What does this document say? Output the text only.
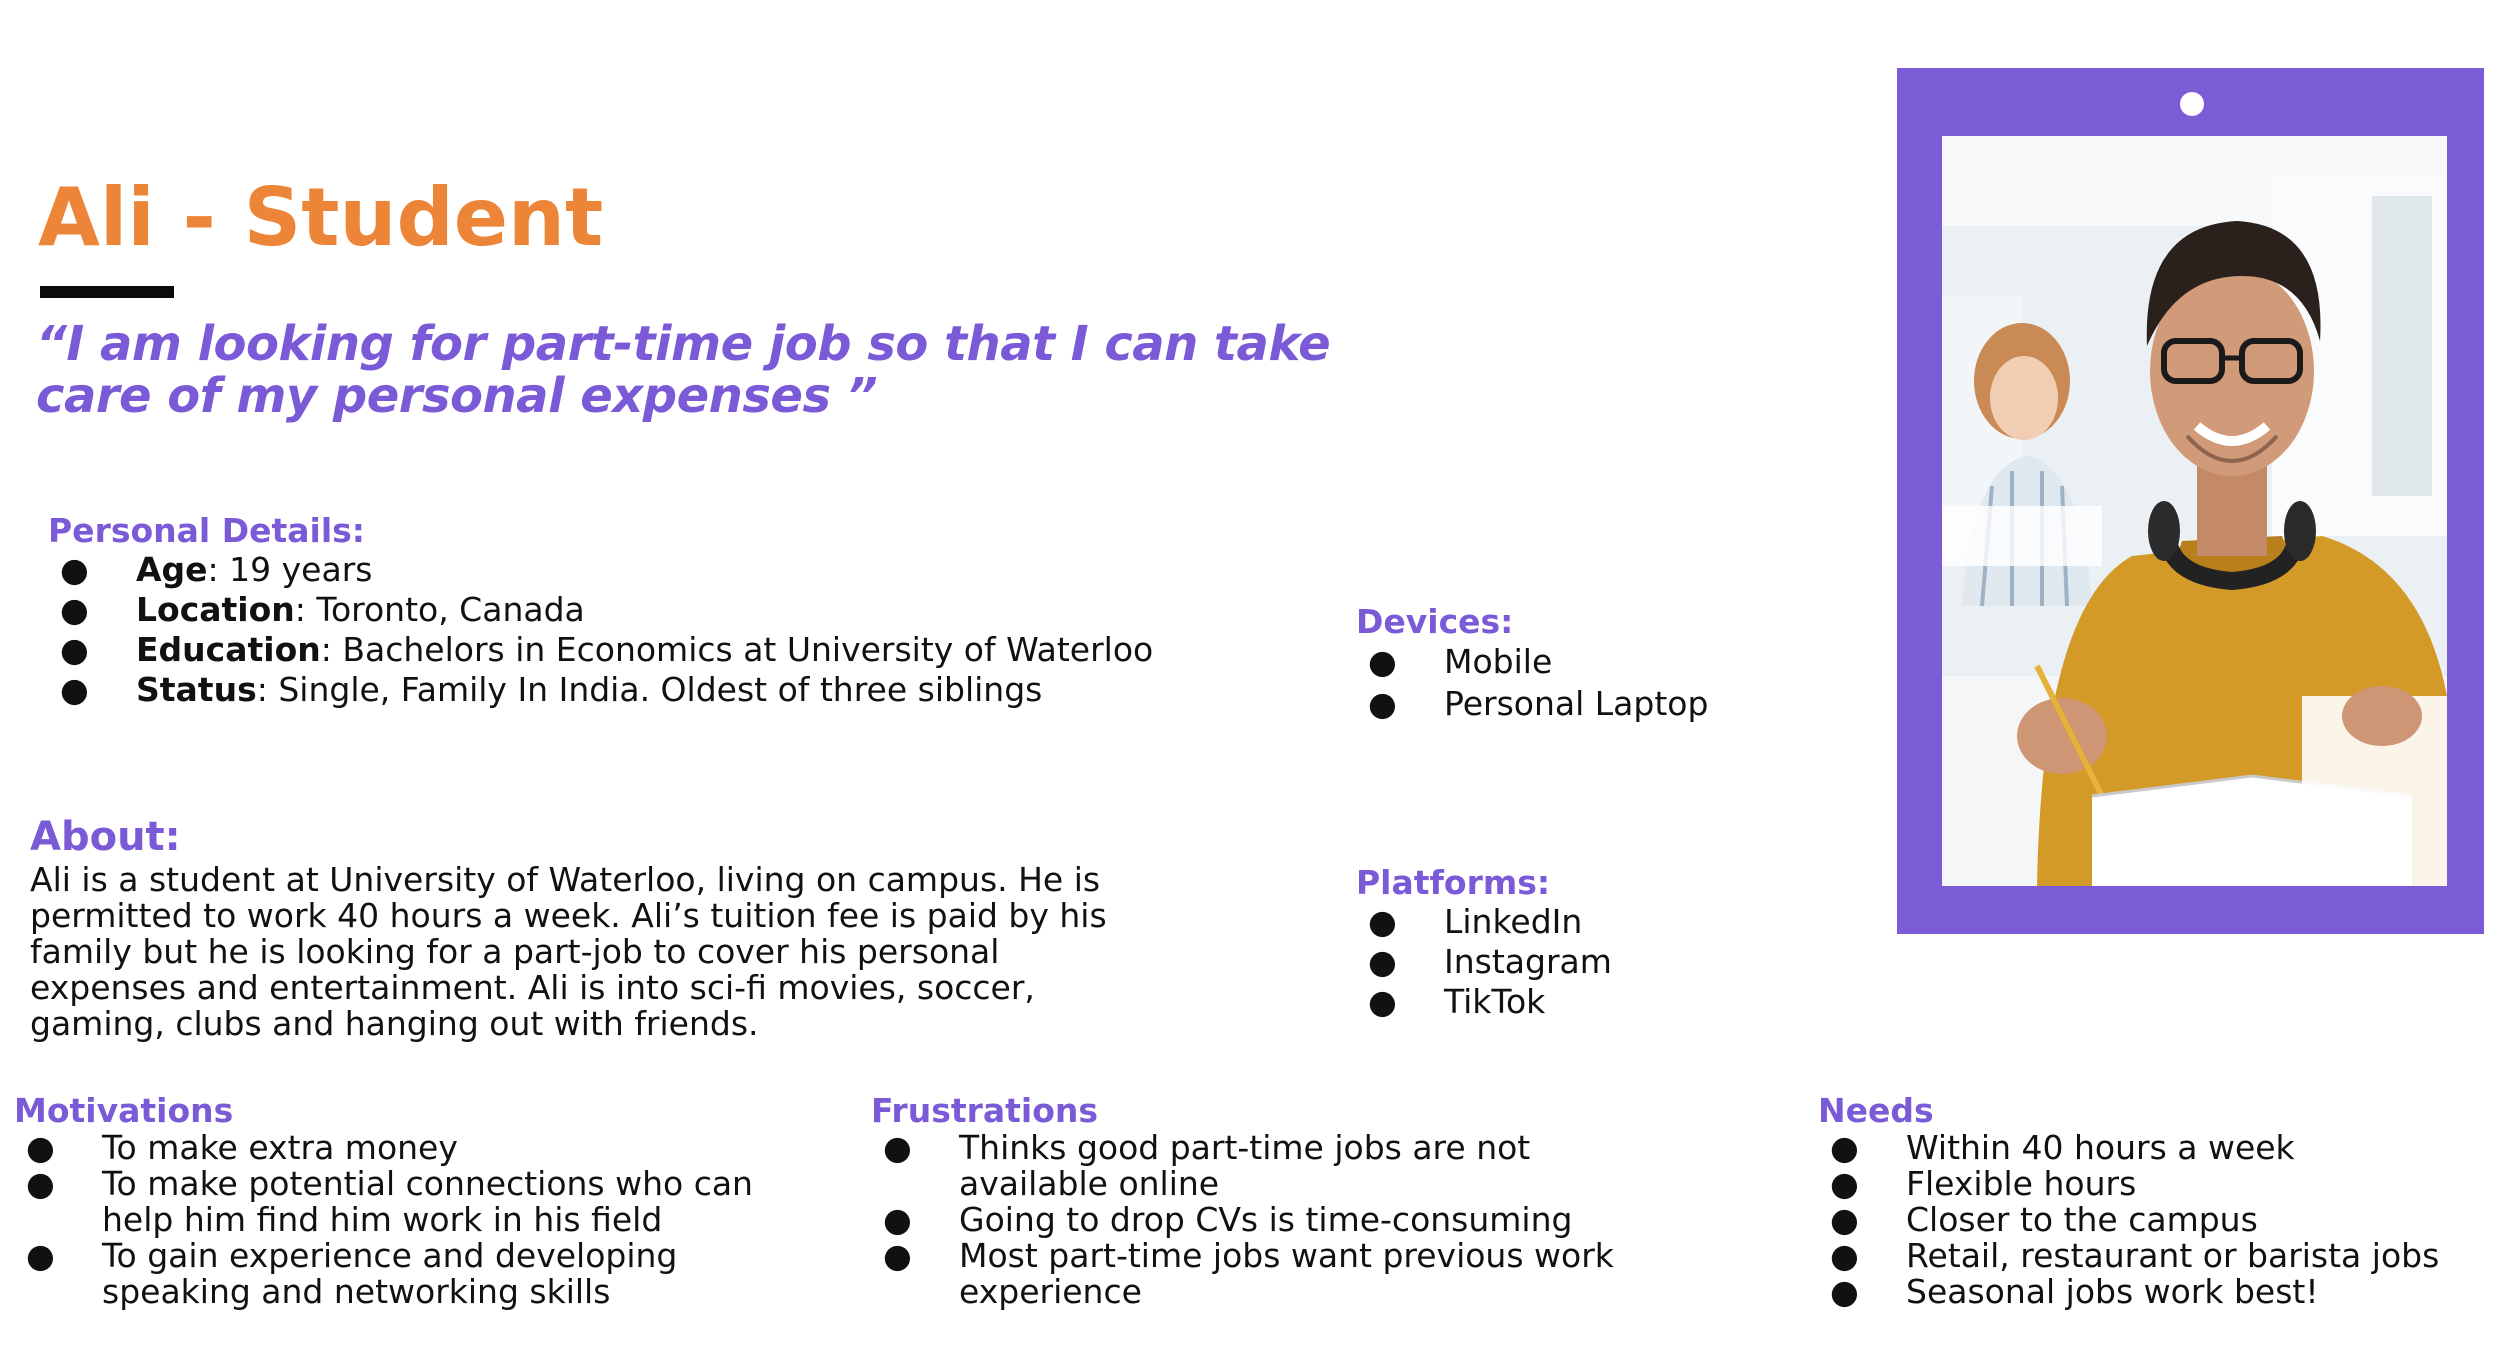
Ali - Student

“I am looking for part-time job so that I can take care of my personal expenses ”

Personal Details:
● Age: 19 years
● Location: Toronto, Canada
● Education: Bachelors in Economics at University of Waterloo
● Status: Single, Family In India. Oldest of three siblings
Devices:
● Mobile
● Personal Laptop
Platforms:
● LinkedIn
● Instagram
● TikTok
About:

Ali is a student at University of Waterloo, living on campus. He is permitted to work 40 hours a week. Ali’s tuition fee is paid by his family but he is looking for a part-job to cover his personal expenses and entertainment. Ali is into sci-fi movies, soccer, gaming, clubs and hanging out with friends.

Motivations
● To make extra money
● To make potential connections who can help him find him work in his field
● To gain experience and developing speaking and networking skills
Frustrations
● Thinks good part-time jobs are not available online
● Going to drop CVs is time-consuming
● Most part-time jobs want previous work experience
Needs
● Within 40 hours a week
● Flexible hours
● Closer to the campus
● Retail, restaurant or barista jobs
● Seasonal jobs work best!
